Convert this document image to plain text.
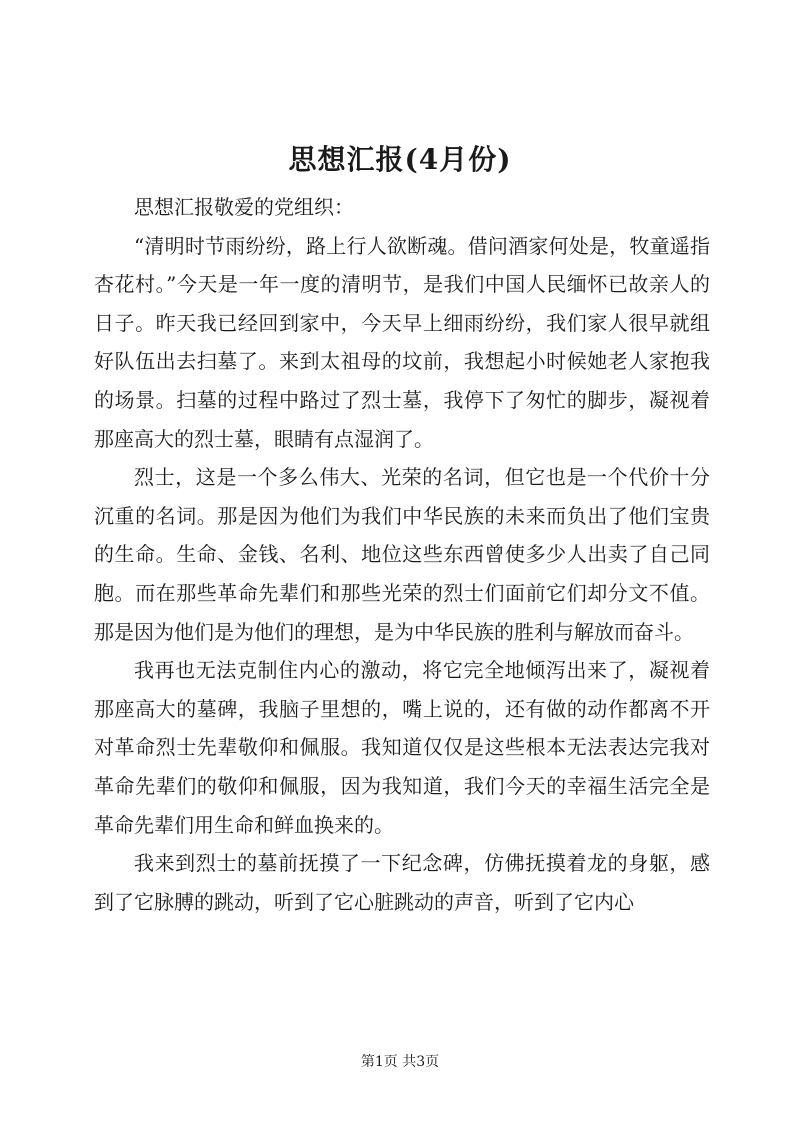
思想汇报(4月份)

思想汇报敬爱的党组织：

“清明时节雨纷纷，路上行人欲断魂。借问酒家何处是，牧童遥指杏花村。”今天是一年一度的清明节，是我们中国人民缅怀已故亲人的日子。昨天我已经回到家中，今天早上细雨纷纷，我们家人很早就组好队伍出去扫墓了。来到太祖母的坟前，我想起小时候她老人家抱我的场景。扫墓的过程中路过了烈士墓，我停下了匆忙的脚步，凝视着那座高大的烈士墓，眼睛有点湿润了。

烈士，这是一个多么伟大、光荣的名词，但它也是一个代价十分沉重的名词。那是因为他们为我们中华民族的未来而负出了他们宝贵的生命。生命、金钱、名利、地位这些东西曾使多少人出卖了自己同胞。而在那些革命先辈们和那些光荣的烈士们面前它们却分文不值。那是因为他们是为他们的理想，是为中华民族的胜利与解放而奋斗。

我再也无法克制住内心的激动，将它完全地倾泻出来了，凝视着那座高大的墓碑，我脑子里想的，嘴上说的，还有做的动作都离不开对革命烈士先辈敬仰和佩服。我知道仅仅是这些根本无法表达完我对革命先辈们的敬仰和佩服，因为我知道，我们今天的幸福生活完全是革命先辈们用生命和鲜血换来的。

我来到烈士的墓前抚摸了一下纪念碑，仿佛抚摸着龙的身躯，感到了它脉膊的跳动，听到了它心脏跳动的声音，听到了它内心

第1页 共3页
